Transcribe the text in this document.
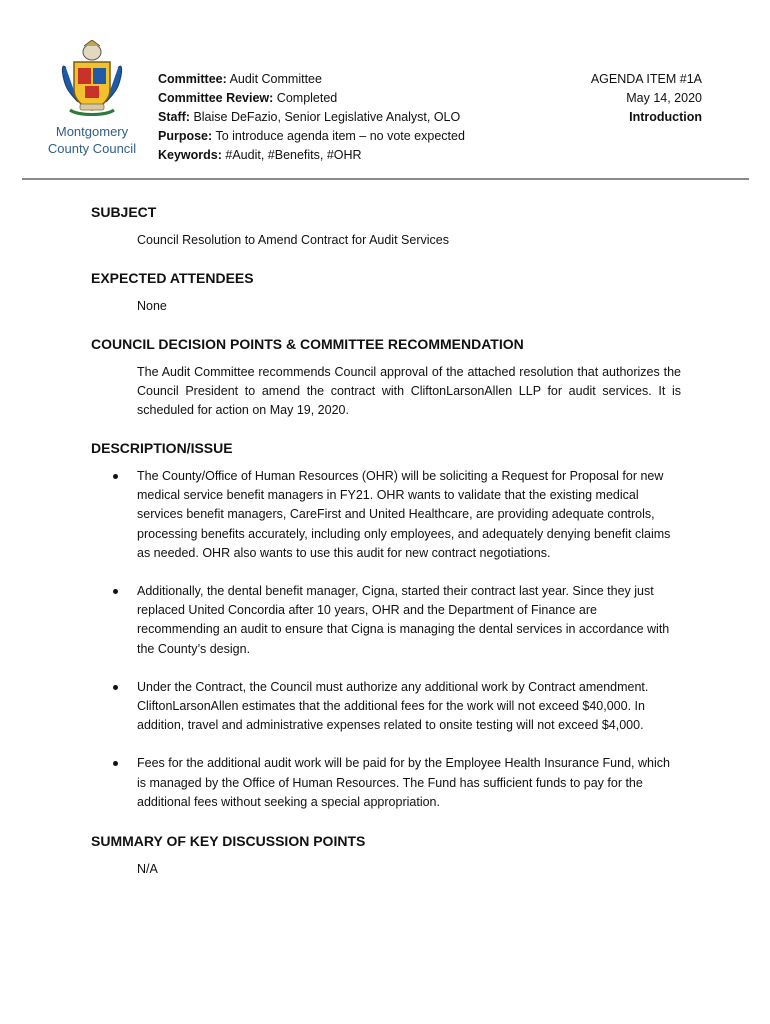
Montgomery
County Council
Committee: Audit Committee
Committee Review: Completed
Staff: Blaise DeFazio, Senior Legislative Analyst, OLO
Purpose: To introduce agenda item – no vote expected
Keywords: #Audit, #Benefits, #OHR
AGENDA ITEM #1A
May 14, 2020
Introduction
SUBJECT

Council Resolution to Amend Contract for Audit Services

EXPECTED ATTENDEES

None

COUNCIL DECISION POINTS & COMMITTEE RECOMMENDATION

The Audit Committee recommends Council approval of the attached resolution that authorizes the Council President to amend the contract with CliftonLarsonAllen LLP for audit services. It is scheduled for action on May 19, 2020.

DESCRIPTION/ISSUE
The County/Office of Human Resources (OHR) will be soliciting a Request for Proposal for new medical service benefit managers in FY21. OHR wants to validate that the existing medical services benefit managers, CareFirst and United Healthcare, are providing adequate controls, processing benefits accurately, including only employees, and adequately denying benefit claims as needed. OHR also wants to use this audit for new contract negotiations.
Additionally, the dental benefit manager, Cigna, started their contract last year. Since they just replaced United Concordia after 10 years, OHR and the Department of Finance are recommending an audit to ensure that Cigna is managing the dental services in accordance with the County’s design.
Under the Contract, the Council must authorize any additional work by Contract amendment. CliftonLarsonAllen estimates that the additional fees for the work will not exceed $40,000. In addition, travel and administrative expenses related to onsite testing will not exceed $4,000.
Fees for the additional audit work will be paid for by the Employee Health Insurance Fund, which is managed by the Office of Human Resources. The Fund has sufficient funds to pay for the additional fees without seeking a special appropriation.
SUMMARY OF KEY DISCUSSION POINTS

N/A
